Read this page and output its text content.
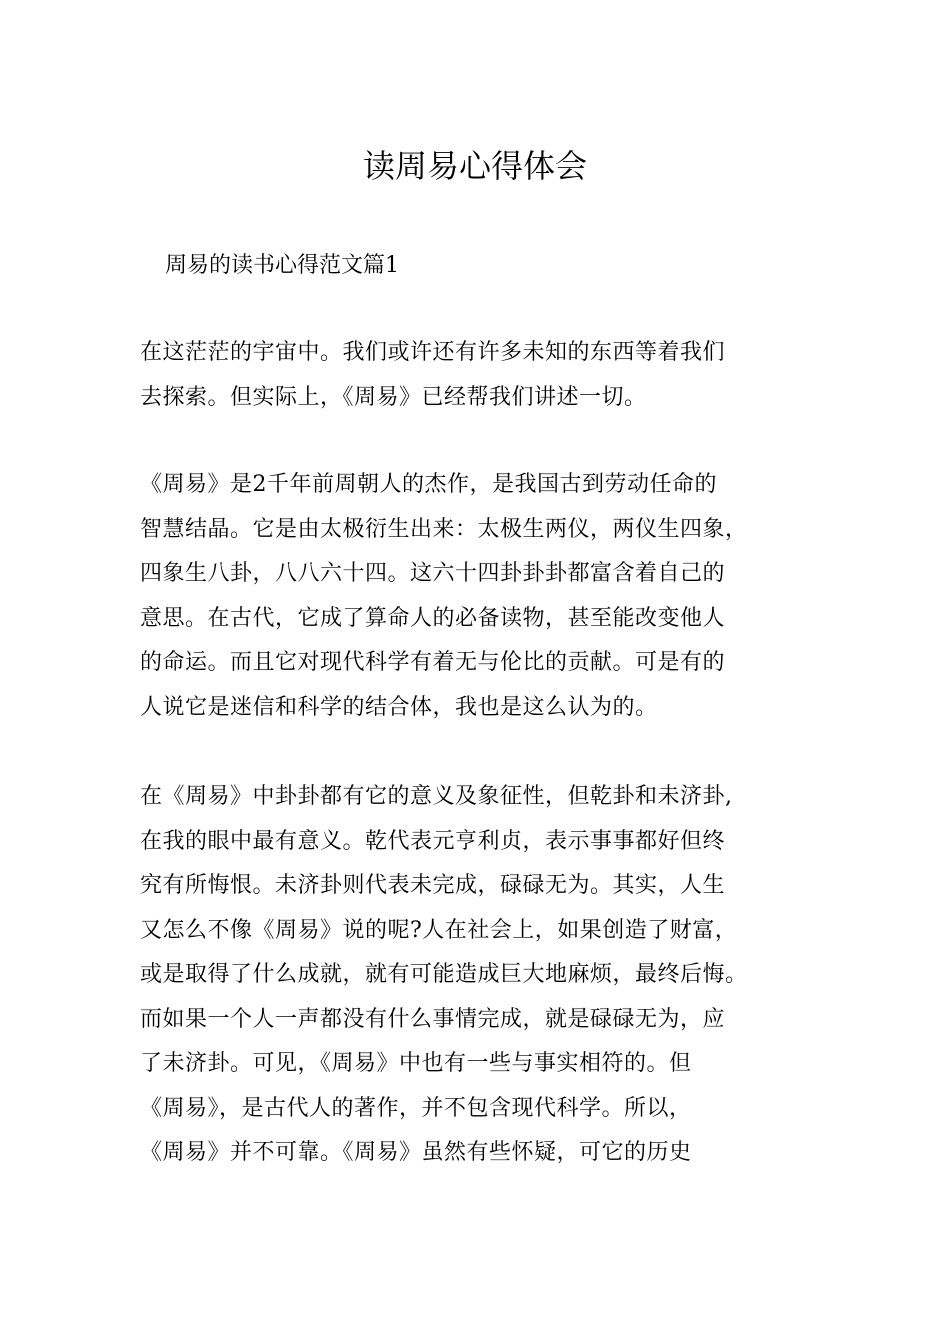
读周易心得体会
周易的读书心得范文篇1
在这茫茫的宇宙中。我们或许还有许多未知的东西等着我们
去探索。但实际上，《周易》已经帮我们讲述一切。
《周易》是2千年前周朝人的杰作，是我国古到劳动任命的
智慧结晶。它是由太极衍生出来：太极生两仪，两仪生四象，
四象生八卦，八八六十四。这六十四卦卦卦都富含着自己的
意思。在古代，它成了算命人的必备读物，甚至能改变他人
的命运。而且它对现代科学有着无与伦比的贡献。可是有的
人说它是迷信和科学的结合体，我也是这么认为的。
在《周易》中卦卦都有它的意义及象征性，但乾卦和未济卦,
在我的眼中最有意义。乾代表元亨利贞，表示事事都好但终
究有所悔恨。未济卦则代表未完成，碌碌无为。其实，人生
又怎么不像《周易》说的呢?人在社会上，如果创造了财富，
或是取得了什么成就，就有可能造成巨大地麻烦，最终后悔。
而如果一个人一声都没有什么事情完成，就是碌碌无为，应
了未济卦。可见，《周易》中也有一些与事实相符的。但
《周易》，是古代人的著作，并不包含现代科学。所以，
《周易》并不可靠。《周易》虽然有些怀疑，可它的历史
